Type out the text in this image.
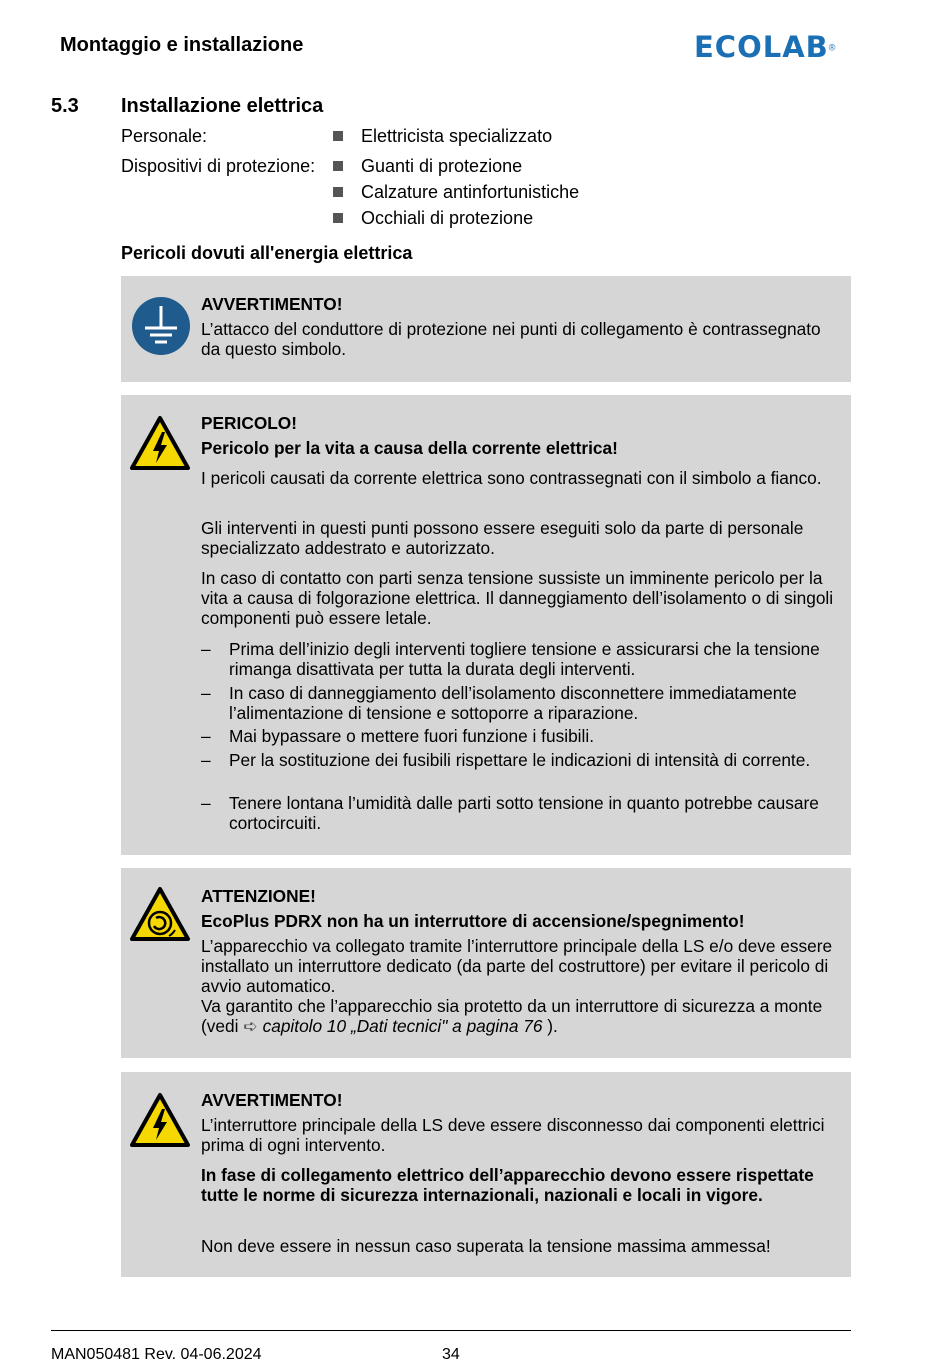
Montaggio e installazione	ECOLAB®
5.3 Installazione elettrica
Personale:	Elettricista specializzato
Dispositivi di protezione:	Guanti di protezione
Calzature antinfortunistiche
Occhiali di protezione
Pericoli dovuti all'energia elettrica
AVVERTIMENTO!
L’attacco del conduttore di protezione nei punti di collegamento è contrassegnato da questo simbolo.
PERICOLO!
Pericolo per la vita a causa della corrente elettrica!
I pericoli causati da corrente elettrica sono contrassegnati con il simbolo a fianco.
Gli interventi in questi punti possono essere eseguiti solo da parte di personale specializzato addestrato e autorizzato.
In caso di contatto con parti senza tensione sussiste un imminente pericolo per la vita a causa di folgorazione elettrica. Il danneggiamento dell’isolamento o di singoli componenti può essere letale.
– Prima dell’inizio degli interventi togliere tensione e assicurarsi che la tensione rimanga disattivata per tutta la durata degli interventi.
– In caso di danneggiamento dell’isolamento disconnettere immediatamente l’alimentazione di tensione e sottoporre a riparazione.
– Mai bypassare o mettere fuori funzione i fusibili.
– Per la sostituzione dei fusibili rispettare le indicazioni di intensità di corrente.
– Tenere lontana l’umidità dalle parti sotto tensione in quanto potrebbe causare cortocircuiti.
ATTENZIONE!
EcoPlus PDRX non ha un interruttore di accensione/spegnimento!
L’apparecchio va collegato tramite l’interruttore principale della LS e/o deve essere installato un interruttore dedicato (da parte del costruttore) per evitare il pericolo di avvio automatico.
Va garantito che l’apparecchio sia protetto da un interruttore di sicurezza a monte (vedi ➪ capitolo 10 „Dati tecnici" a pagina 76 ).
AVVERTIMENTO!
L’interruttore principale della LS deve essere disconnesso dai componenti elettrici prima di ogni intervento.
In fase di collegamento elettrico dell’apparecchio devono essere rispettate tutte le norme di sicurezza internazionali, nazionali e locali in vigore.
Non deve essere in nessun caso superata la tensione massima ammessa!
MAN050481 Rev. 04-06.2024	34
